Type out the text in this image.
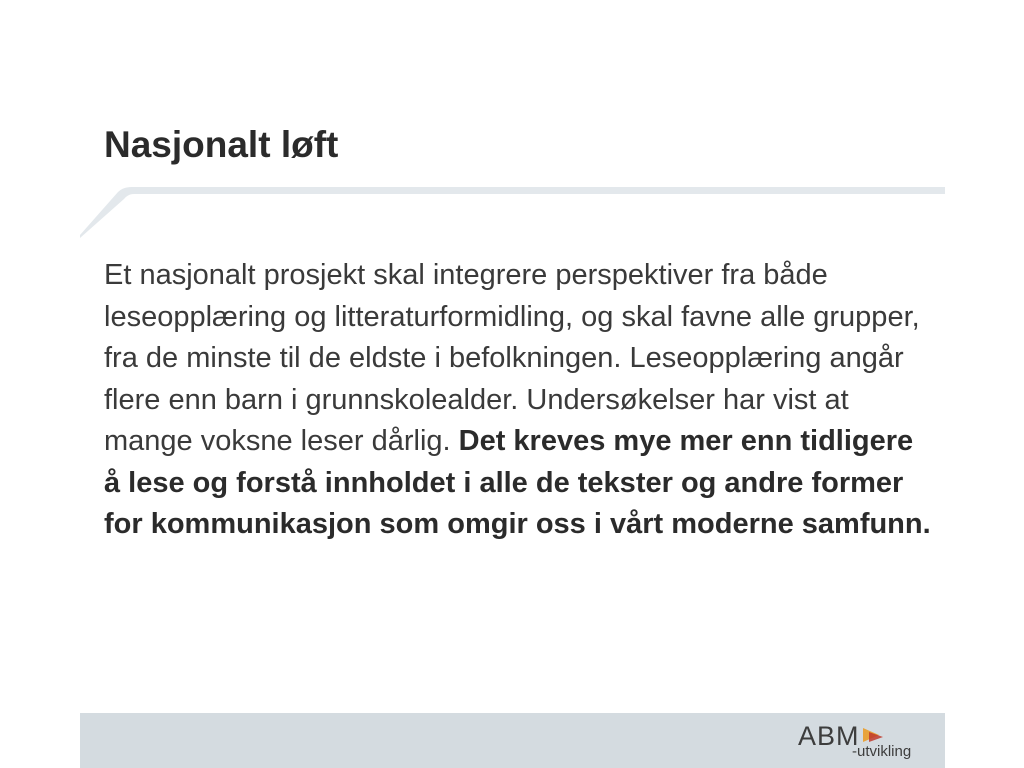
Nasjonalt løft

Et nasjonalt prosjekt skal integrere perspektiver fra både leseopplæring og litteraturformidling, og skal favne alle grupper, fra de minste til de eldste i befolkningen. Leseopplæring angår flere enn barn i grunnskolealder. Undersøkelser har vist at mange voksne leser dårlig. Det kreves mye mer enn tidligere å lese og forstå innholdet i alle de tekster og andre former for kommunikasjon som omgir oss i vårt moderne samfunn.

ABM
-utvikling
